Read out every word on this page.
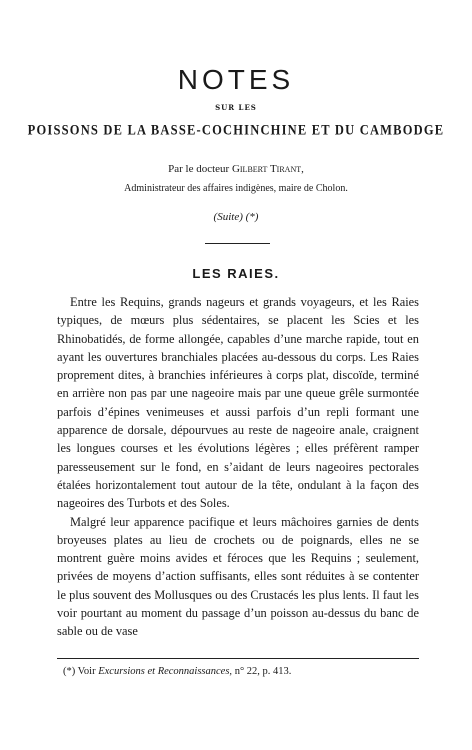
NOTES
SUR LES
POISSONS DE LA BASSE-COCHINCHINE ET DU CAMBODGE
Par le docteur Gilbert Tirant,
Administrateur des affaires indigènes, maire de Cholon.
(Suite) (*)
LES RAIES.

Entre les Requins, grands nageurs et grands voyageurs, et les Raies typiques, de mœurs plus sédentaires, se placent les Scies et les Rhinobatidés, de forme allongée, capables d’une marche rapide, tout en ayant les ouvertures branchiales placées au-dessous du corps. Les Raies proprement dites, à branchies inférieures à corps plat, discoïde, terminé en arrière non pas par une nageoire mais par une queue grêle surmontée parfois d’épines venimeuses et aussi parfois d’un repli formant une apparence de dorsale, dépourvues au reste de nageoire anale, craignent les longues courses et les évolutions légères ; elles préfèrent ramper paresseusement sur le fond, en s’aidant de leurs nageoires pectorales étalées horizontalement tout autour de la tête, ondulant à la façon des nageoires des Turbots et des Soles.

Malgré leur apparence pacifique et leurs mâchoires garnies de dents broyeuses plates au lieu de crochets ou de poignards, elles ne se montrent guère moins avides et féroces que les Requins ; seulement, privées de moyens d’action suffisants, elles sont réduites à se contenter le plus souvent des Mollusques ou des Crustacés les plus lents. Il faut les voir pourtant au moment du passage d’un poisson au-dessus du banc de sable ou de vase

(*) Voir Excursions et Reconnaissances, n° 22, p. 413.
